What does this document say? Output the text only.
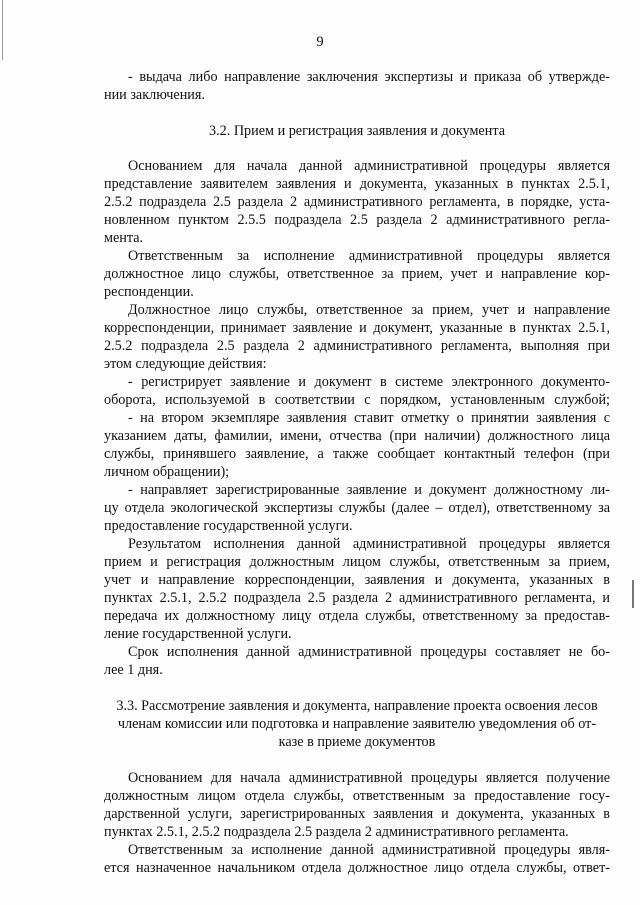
9
- выдача либо направление заключения экспертизы и приказа об утвержде-
нии заключения.
3.2. Прием и регистрация заявления и документа
Основанием для начала данной административной процедуры является
представление заявителем заявления и документа, указанных в пунктах 2.5.1,
2.5.2 подраздела 2.5 раздела 2 административного регламента, в порядке, уста-
новленном пунктом 2.5.5 подраздела 2.5 раздела 2 административного регла-
мента.
Ответственным за исполнение административной процедуры является
должностное лицо службы, ответственное за прием, учет и направление кор-
респонденции.
Должностное лицо службы, ответственное за прием, учет и направление
корреспонденции, принимает заявление и документ, указанные в пунктах 2.5.1,
2.5.2 подраздела 2.5 раздела 2 административного регламента, выполняя при
этом следующие действия:
- регистрирует заявление и документ в системе электронного документо-
оборота, используемой в соответствии с порядком, установленным службой;
- на втором экземпляре заявления ставит отметку о принятии заявления с
указанием даты, фамилии, имени, отчества (при наличии) должностного лица
службы, принявшего заявление, а также сообщает контактный телефон (при
личном обращении);
- направляет зарегистрированные заявление и документ должностному ли-
цу отдела экологической экспертизы службы (далее – отдел), ответственному за
предоставление государственной услуги.
Результатом исполнения данной административной процедуры является
прием и регистрация должностным лицом службы, ответственным за прием,
учет и направление корреспонденции, заявления и документа, указанных в
пунктах 2.5.1, 2.5.2 подраздела 2.5 раздела 2 административного регламента, и
передача их должностному лицу отдела службы, ответственному за предостав-
ление государственной услуги.
Срок исполнения данной административной процедуры составляет не бо-
лее 1 дня.
3.3. Рассмотрение заявления и документа, направление проекта освоения лесов
членам комиссии или подготовка и направление заявителю уведомления об от-
казе в приеме документов
Основанием для начала административной процедуры является получение
должностным лицом отдела службы, ответственным за предоставление госу-
дарственной услуги, зарегистрированных заявления и документа, указанных в
пунктах 2.5.1, 2.5.2 подраздела 2.5 раздела 2 административного регламента.
Ответственным за исполнение данной административной процедуры явля-
ется назначенное начальником отдела должностное лицо отдела службы, ответ-
